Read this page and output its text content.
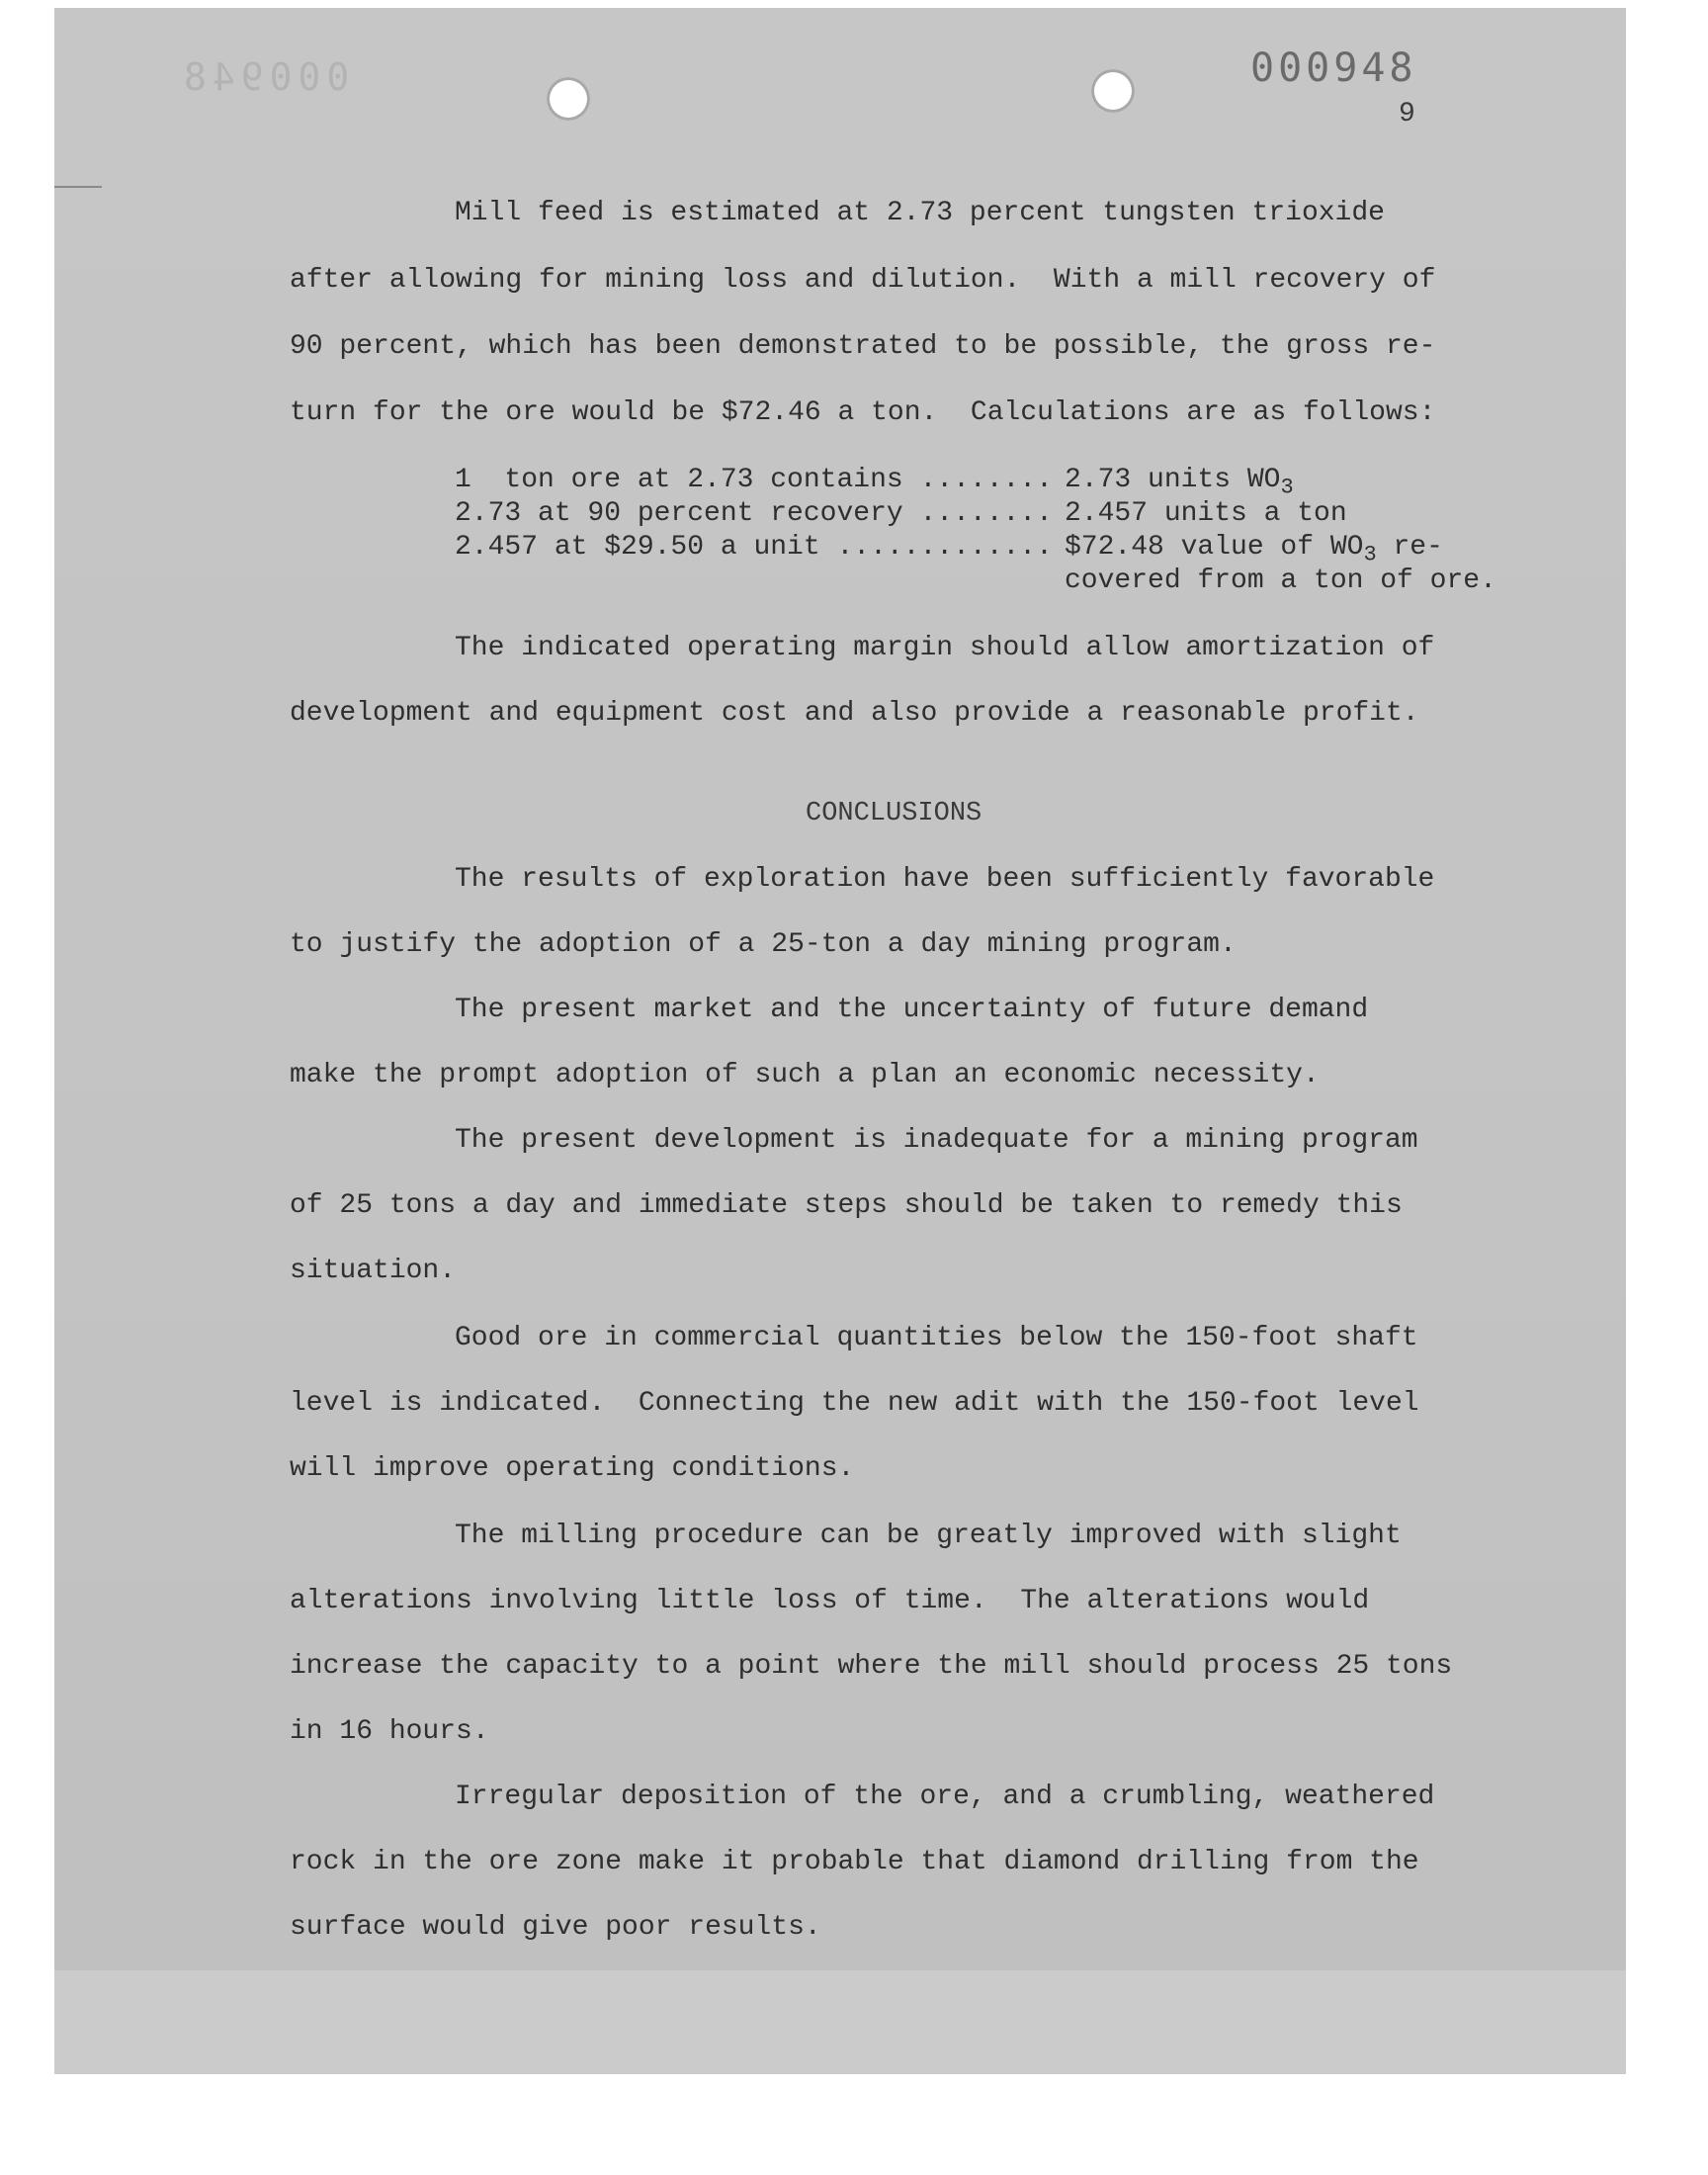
000948	000948
9
Mill feed is estimated at 2.73 percent tungsten trioxide
after allowing for mining loss and dilution.  With a mill recovery of
90 percent, which has been demonstrated to be possible, the gross re-
turn for the ore would be $72.46 a ton.  Calculations are as follows:
1  ton ore at 2.73 contains ........ 2.73 units $WO_3$
2.73 at 90 percent recovery ........ 2.457 units a ton
2.457 at $29.50 a unit ............. $72.48 value of $WO_3$ re-
covered from a ton of ore.
The indicated operating margin should allow amortization of
development and equipment cost and also provide a reasonable profit.
CONCLUSIONS
The results of exploration have been sufficiently favorable
to justify the adoption of a 25-ton a day mining program.
The present market and the uncertainty of future demand
make the prompt adoption of such a plan an economic necessity.
The present development is inadequate for a mining program
of 25 tons a day and immediate steps should be taken to remedy this
situation.
Good ore in commercial quantities below the 150-foot shaft
level is indicated.  Connecting the new adit with the 150-foot level
will improve operating conditions.
The milling procedure can be greatly improved with slight
alterations involving little loss of time.  The alterations would
increase the capacity to a point where the mill should process 25 tons
in 16 hours.
Irregular deposition of the ore, and a crumbling, weathered
rock in the ore zone make it probable that diamond drilling from the
surface would give poor results.
